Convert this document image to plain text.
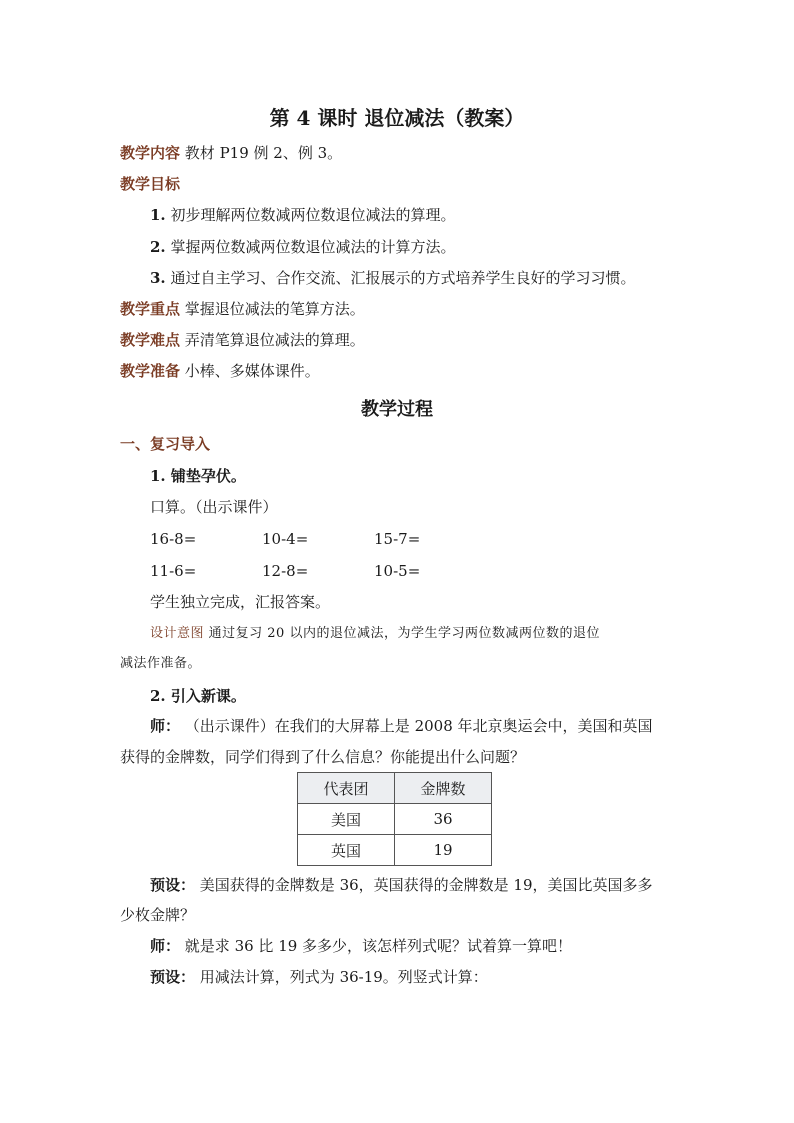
第 4 课时 退位减法（教案）
教学内容 教材 P19 例 2、例 3。
教学目标
1. 初步理解两位数减两位数退位减法的算理。
2. 掌握两位数减两位数退位减法的计算方法。
3. 通过自主学习、合作交流、汇报展示的方式培养学生良好的学习习惯。
教学重点 掌握退位减法的笔算方法。
教学难点 弄清笔算退位减法的算理。
教学准备 小棒、多媒体课件。
教学过程
一、复习导入
1. 铺垫孕伏。
口算。（出示课件）
16-8=	10-4=	15-7=
11-6=	12-8=	10-5=
学生独立完成，汇报答案。
设计意图 通过复习 20 以内的退位减法，为学生学习两位数减两位数的退位
减法作准备。
2. 引入新课。
师： （出示课件）在我们的大屏幕上是 2008 年北京奥运会中，美国和英国
获得的金牌数，同学们得到了什么信息？你能提出什么问题？
代表团	金牌数
美国	36
英国	19
预设： 美国获得的金牌数是 36，英国获得的金牌数是 19，美国比英国多多
少枚金牌？
师： 就是求 36 比 19 多多少，该怎样列式呢？试着算一算吧！
预设： 用减法计算，列式为 36-19。列竖式计算：
